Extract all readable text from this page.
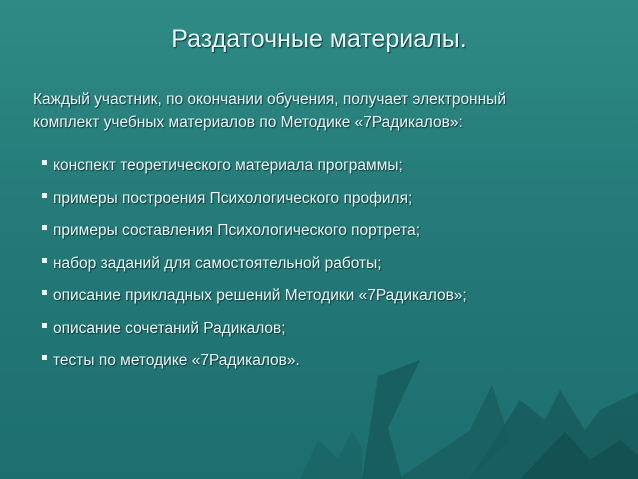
Раздаточные материалы.
Каждый участник, по окончании обучения, получает электронный
комплект учебных материалов по Методике «7Радикалов»:
конспект теоретического материала программы;
примеры построения Психологического профиля;
примеры составления Психологического портрета;
набор заданий для самостоятельной работы;
описание прикладных решений Методики «7Радикалов»;
описание сочетаний Радикалов;
тесты по методике «7Радикалов».
